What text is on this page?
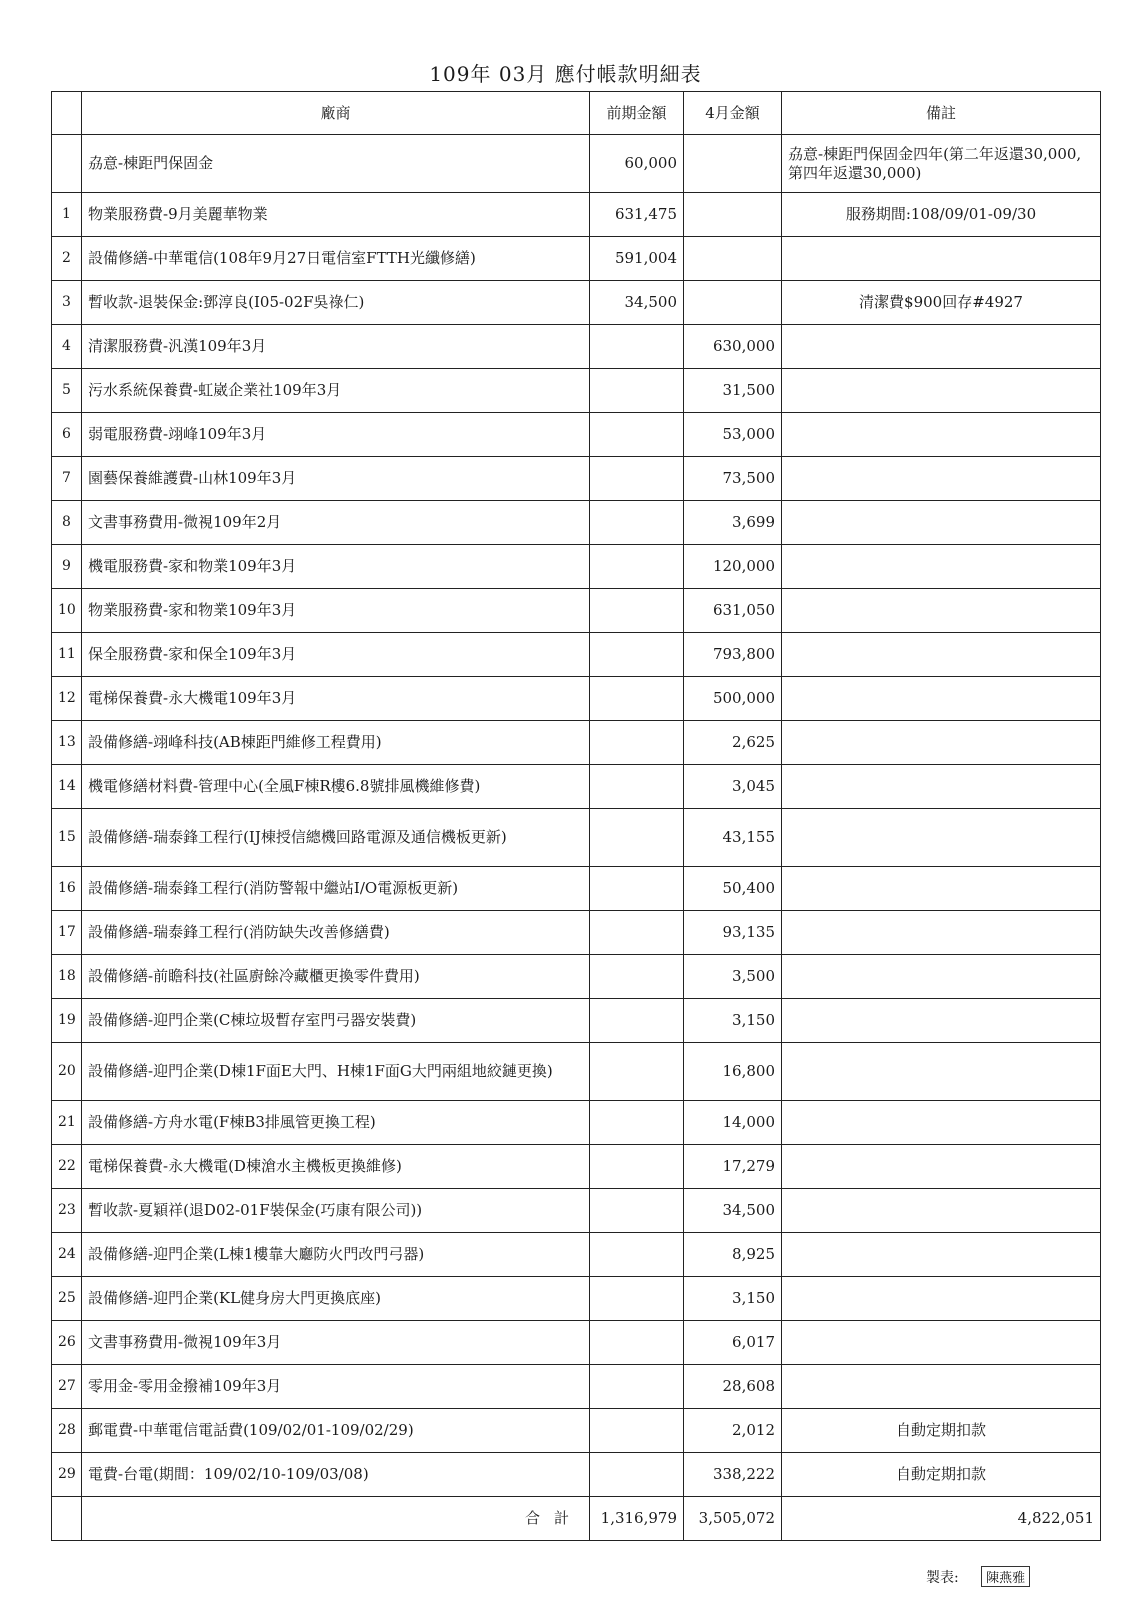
109年 03月 應付帳款明細表
	廠商	前期金額	4月金額	備註
	劦意-棟距門保固金	60,000		劦意-棟距門保固金四年(第二年返還30,000,第四年返還30,000)
1	物業服務費-9月美麗華物業	631,475		服務期間:108/09/01-09/30
2	設備修繕-中華電信(108年9月27日電信室FTTH光纖修繕)	591,004		
3	暫收款-退裝保金:鄧淳良(I05-02F吳祿仁)	34,500		清潔費$900回存#4927
4	清潔服務費-汎漢109年3月		630,000	
5	污水系統保養費-虹崴企業社109年3月		31,500	
6	弱電服務費-翊峰109年3月		53,000	
7	園藝保養維護費-山林109年3月		73,500	
8	文書事務費用-微視109年2月		3,699	
9	機電服務費-家和物業109年3月		120,000	
10	物業服務費-家和物業109年3月		631,050	
11	保全服務費-家和保全109年3月		793,800	
12	電梯保養費-永大機電109年3月		500,000	
13	設備修繕-翊峰科技(AB棟距門維修工程費用)		2,625	
14	機電修繕材料費-管理中心(全風F棟R樓6.8號排風機維修費)		3,045	
15	設備修繕-瑞泰鋒工程行(IJ棟授信總機回路電源及通信機板更新)		43,155	
16	設備修繕-瑞泰鋒工程行(消防警報中繼站I/O電源板更新)		50,400	
17	設備修繕-瑞泰鋒工程行(消防缺失改善修繕費)		93,135	
18	設備修繕-前瞻科技(社區廚餘冷藏櫃更換零件費用)		3,500	
19	設備修繕-迎門企業(C棟垃圾暫存室門弓器安裝費)		3,150	
20	設備修繕-迎門企業(D棟1F面E大門、H棟1F面G大門兩組地絞鏈更換)		16,800	
21	設備修繕-方舟水電(F棟B3排風管更換工程)		14,000	
22	電梯保養費-永大機電(D棟滄水主機板更換維修)		17,279	
23	暫收款-夏穎祥(退D02-01F裝保金(巧康有限公司))		34,500	
24	設備修繕-迎門企業(L棟1樓靠大廳防火門改門弓器)		8,925	
25	設備修繕-迎門企業(KL健身房大門更換底座)		3,150	
26	文書事務費用-微視109年3月		6,017	
27	零用金-零用金撥補109年3月		28,608	
28	郵電費-中華電信電話費(109/02/01-109/02/29)		2,012	自動定期扣款
29	電費-台電(期間：109/02/10-109/03/08)		338,222	自動定期扣款
	合計	1,316,979	3,505,072	4,822,051
製表: 陳燕雅
